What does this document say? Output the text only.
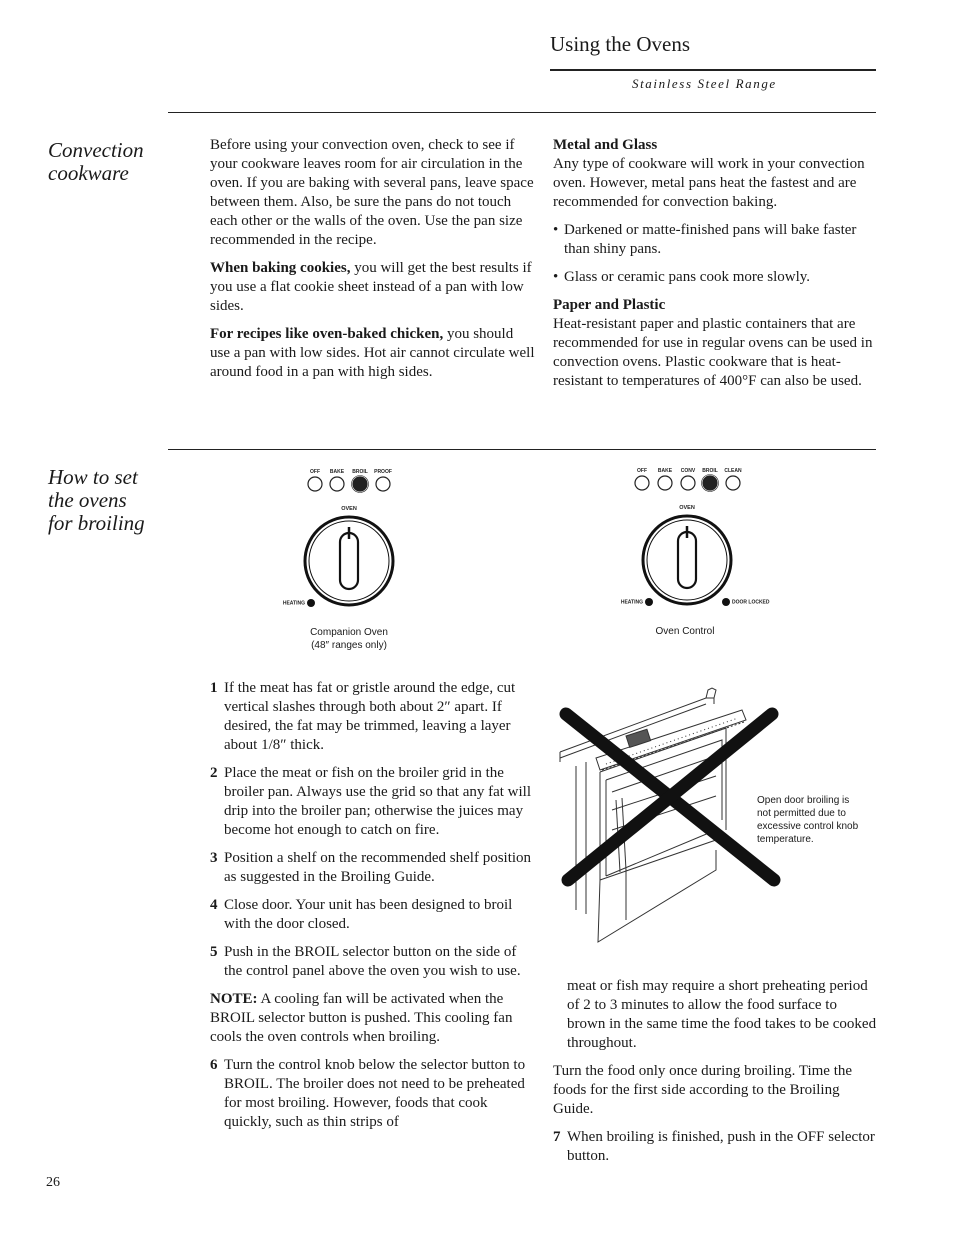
Using the Ovens
Stainless Steel Range
Convection
cookware

Before using your convection oven, check to see if your cookware leaves room for air circulation in the oven. If you are baking with several pans, leave space between them. Also, be sure the pans do not touch each other or the walls of the oven. Use the pan size recommended in the recipe.

When baking cookies, you will get the best results if you use a flat cookie sheet instead of a pan with low sides.

For recipes like oven-baked chicken, you should use a pan with low sides. Hot air cannot circulate well around food in a pan with high sides.

Metal and Glass

Any type of cookware will work in your convection oven. However, metal pans heat the fastest and are recommended for convection baking.

• Darkened or matte-finished pans will bake faster than shiny pans.
• Glass or ceramic pans cook more slowly.
Paper and Plastic

Heat-resistant paper and plastic containers that are recommended for use in regular ovens can be used in convection ovens. Plastic cookware that is heat-resistant to temperatures of 400°F can also be used.

How to set
the ovens
for broiling
OFF BAKE BROIL PROOF
OVEN
HEATING
Companion Oven
(48″ ranges only)
OFF BAKE CONV BROIL CLEAN
OVEN
HEATING	DOOR LOCKED
Oven Control
1 If the meat has fat or gristle around the edge, cut vertical slashes through both about 2″ apart. If desired, the fat may be trimmed, leaving a layer about 1/8″ thick.
2 Place the meat or fish on the broiler grid in the broiler pan. Always use the grid so that any fat will drip into the broiler pan; otherwise the juices may become hot enough to catch on fire.
3 Position a shelf on the recommended shelf position as suggested in the Broiling Guide.
4 Close door. Your unit has been designed to broil with the door closed.
5 Push in the BROIL selector button on the side of the control panel above the oven you wish to use.

NOTE: A cooling fan will be activated when the BROIL selector button is pushed. This cooling fan cools the oven controls when broiling.

6 Turn the control knob below the selector button to BROIL. The broiler does not need to be preheated for most broiling. However, foods that cook quickly, such as thin strips of
Open door broiling is
not permitted due to
excessive control knob
temperature.

meat or fish may require a short preheating period of 2 to 3 minutes to allow the food surface to brown in the same time the food takes to be cooked throughout.

Turn the food only once during broiling. Time the foods for the first side according to the Broiling Guide.

7 When broiling is finished, push in the OFF selector button.
26
